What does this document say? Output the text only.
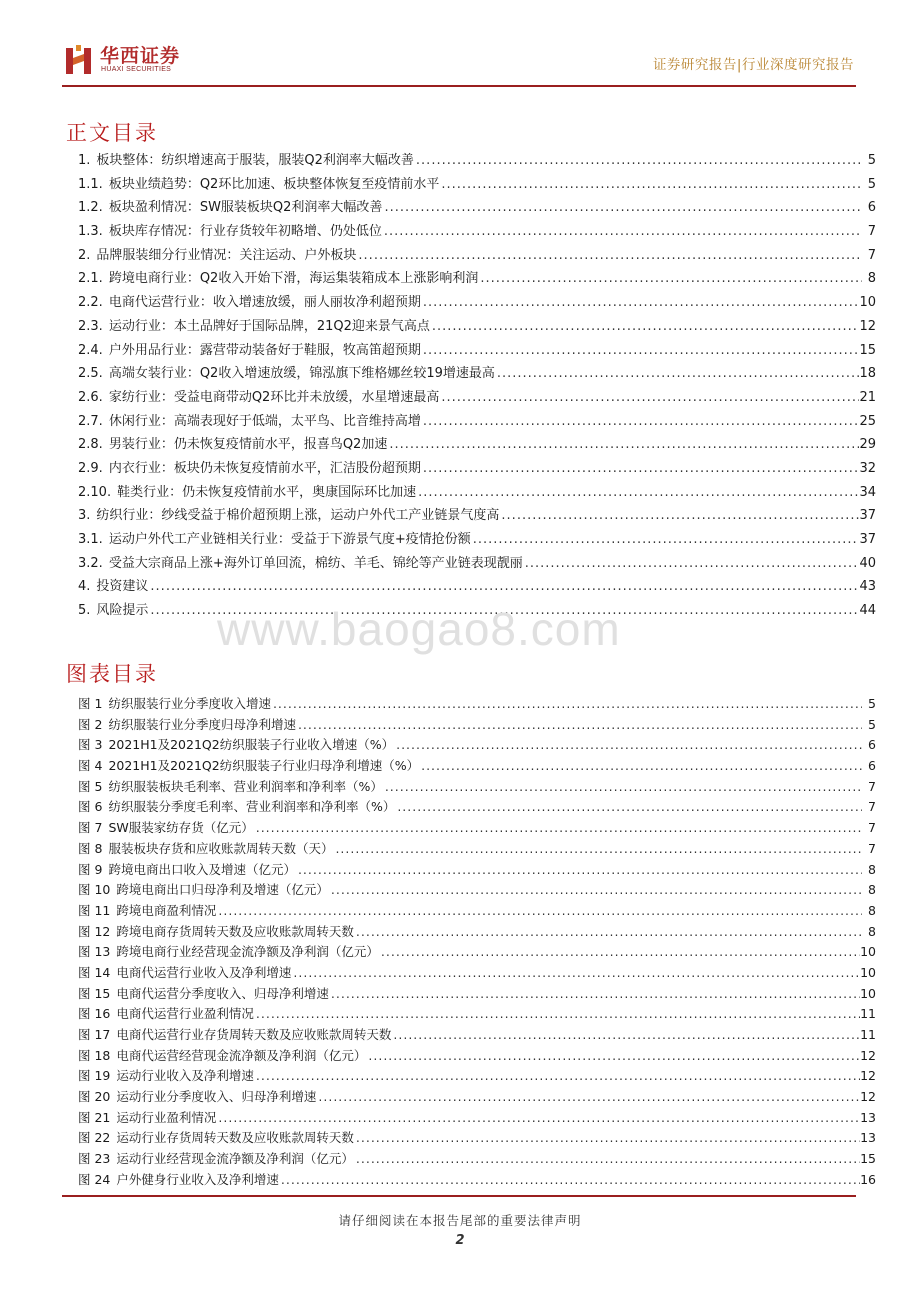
华西证券
HUAXI SECURITIES	证券研究报告|行业深度研究报告
正文目录
1. 板块整体：纺织增速高于服装，服装Q2利润率大幅改善 .....	5
1.1. 板块业绩趋势：Q2环比加速、板块整体恢复至疫情前水平 .....	5
1.2. 板块盈利情况：SW服装板块Q2利润率大幅改善 .....	6
1.3. 板块库存情况：行业存货较年初略增、仍处低位 .....	7
2. 品牌服装细分行业情况：关注运动、户外板块 .....	7
2.1. 跨境电商行业：Q2收入开始下滑，海运集装箱成本上涨影响利润 .....	8
2.2. 电商代运营行业：收入增速放缓，丽人丽妆净利超预期 .....	10
2.3. 运动行业：本土品牌好于国际品牌，21Q2迎来景气高点 .....	12
2.4. 户外用品行业：露营带动装备好于鞋服，牧高笛超预期 .....	15
2.5. 高端女装行业：Q2收入增速放缓，锦泓旗下维格娜丝较19增速最高 .....	18
2.6. 家纺行业：受益电商带动Q2环比并未放缓，水星增速最高 .....	21
2.7. 休闲行业：高端表现好于低端，太平鸟、比音维持高增 .....	25
2.8. 男装行业：仍未恢复疫情前水平，报喜鸟Q2加速 .....	29
2.9. 内衣行业：板块仍未恢复疫情前水平，汇洁股份超预期 .....	32
2.10. 鞋类行业：仍未恢复疫情前水平，奥康国际环比加速 .....	34
3. 纺织行业：纱线受益于棉价超预期上涨，运动户外代工产业链景气度高 .....	37
3.1. 运动户外代工产业链相关行业：受益于下游景气度+疫情抢份额 .....	37
3.2. 受益大宗商品上涨+海外订单回流，棉纺、羊毛、锦纶等产业链表现靓丽 .....	40
4. 投资建议 .....	43
5. 风险提示 .....	44
www.baogao8.com
图表目录
图 1 纺织服装行业分季度收入增速 .....	5
图 2 纺织服装行业分季度归母净利增速 .....	5
图 3 2021H1及2021Q2纺织服装子行业收入增速（%） .....	6
图 4 2021H1及2021Q2纺织服装子行业归母净利增速（%） .....	6
图 5 纺织服装板块毛利率、营业利润率和净利率（%） .....	7
图 6 纺织服装分季度毛利率、营业利润率和净利率（%） .....	7
图 7 SW服装家纺存货（亿元） .....	7
图 8 服装板块存货和应收账款周转天数（天） .....	7
图 9 跨境电商出口收入及增速（亿元） .....	8
图 10 跨境电商出口归母净利及增速（亿元） .....	8
图 11 跨境电商盈利情况 .....	8
图 12 跨境电商存货周转天数及应收账款周转天数 .....	8
图 13 跨境电商行业经营现金流净额及净利润（亿元） .....	10
图 14 电商代运营行业收入及净利增速 .....	10
图 15 电商代运营分季度收入、归母净利增速 .....	10
图 16 电商代运营行业盈利情况 .....	11
图 17 电商代运营行业存货周转天数及应收账款周转天数 .....	11
图 18 电商代运营经营现金流净额及净利润（亿元） .....	12
图 19 运动行业收入及净利增速 .....	12
图 20 运动行业分季度收入、归母净利增速 .....	12
图 21 运动行业盈利情况 .....	13
图 22 运动行业存货周转天数及应收账款周转天数 .....	13
图 23 运动行业经营现金流净额及净利润（亿元） .....	15
图 24 户外健身行业收入及净利增速 .....	16
请仔细阅读在本报告尾部的重要法律声明
2
